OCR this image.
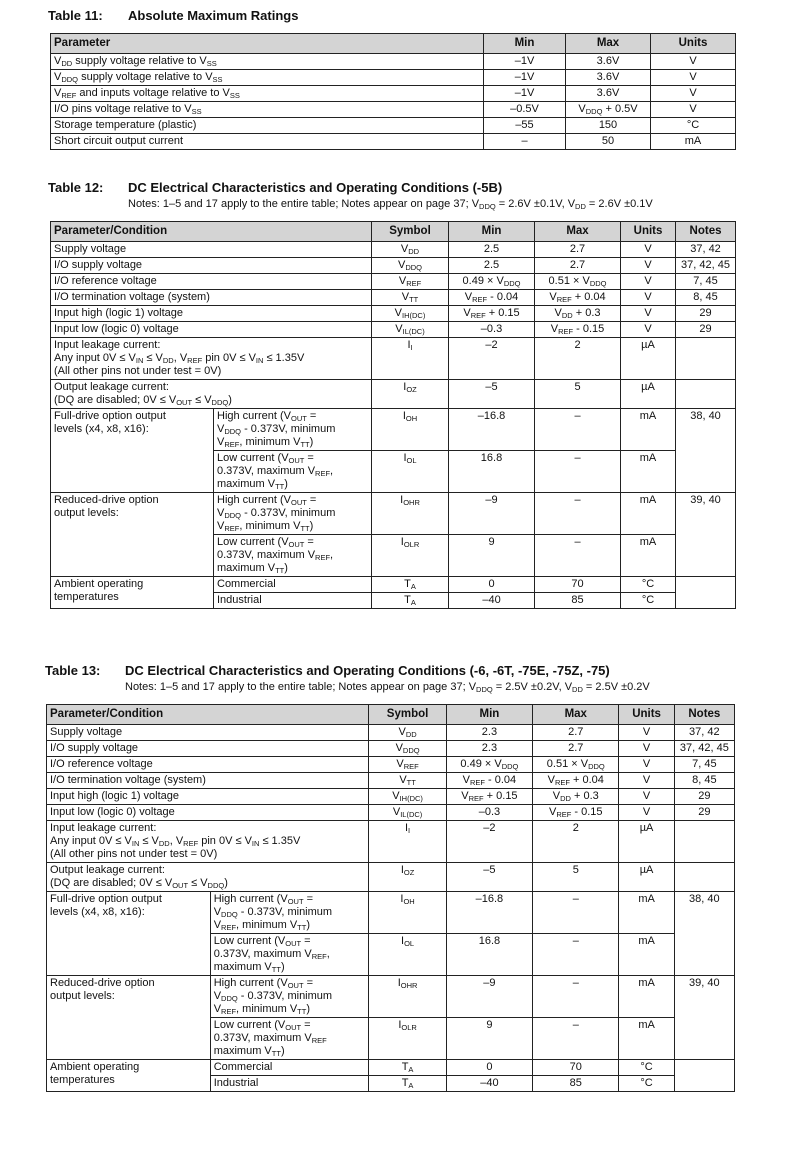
Table 11: Absolute Maximum Ratings
Parameter	Min	Max	Units
$V_{DD}$ supply voltage relative to $V_{SS}$	–1V	3.6V	V
$V_{DDQ}$ supply voltage relative to $V_{SS}$	–1V	3.6V	V
$V_{REF}$ and inputs voltage relative to $V_{SS}$	–1V	3.6V	V
I/O pins voltage relative to $V_{SS}$	–0.5V	$V_{DDQ} + 0.5V$	V
Storage temperature (plastic)	–55	150	°C
Short circuit output current	–	50	mA
Table 12: DC Electrical Characteristics and Operating Conditions (-5B)
Notes: 1–5 and 17 apply to the entire table; Notes appear on page 37; $V_{DDQ} = 2.6V \pm 0.1V$, $V_{DD} = 2.6V \pm 0.1V$
Parameter/Condition		Symbol	Min	Max	Units	Notes
Supply voltage		$V_{DD}$	2.5	2.7	V	37, 42
I/O supply voltage		$V_{DDQ}$	2.5	2.7	V	37, 42, 45
I/O reference voltage		$V_{REF}$	$0.49 \times V_{DDQ}$	$0.51 \times V_{DDQ}$	V	7, 45
I/O termination voltage (system)		$V_{TT}$	$V_{REF} - 0.04$	$V_{REF} + 0.04$	V	8, 45
Input high (logic 1) voltage		$V_{IH(DC)}$	$V_{REF} + 0.15$	$V_{DD} + 0.3$	V	29
Input low (logic 0) voltage		$V_{IL(DC)}$	–0.3	$V_{REF} - 0.15$	V	29
Input leakage current:
Any input $0V \le V_{IN} \le V_{DD}$, $V_{REF}$ pin $0V \le V_{IN} \le 1.35V$
(All other pins not under test = 0V)		$I_I$	–2	2	µA	
Output leakage current:
(DQ are disabled; $0V \le V_{OUT} \le V_{DDQ}$)		$I_{OZ}$	–5	5	µA	
Full-drive option output
levels (x4, x8, x16):	High current ($V_{OUT}$ =
$V_{DDQ} - 0.373V$, minimum
$V_{REF}$, minimum $V_{TT}$)	$I_{OH}$	–16.8	–	mA	38, 40
	Low current ($V_{OUT}$ =
0.373V, maximum $V_{REF}$,
maximum $V_{TT}$)	$I_{OL}$	16.8	–	mA	
Reduced-drive option
output levels:	High current ($V_{OUT}$ =
$V_{DDQ} - 0.373V$, minimum
$V_{REF}$, minimum $V_{TT}$)	$I_{OHR}$	–9	–	mA	39, 40
	Low current ($V_{OUT}$ =
0.373V, maximum $V_{REF}$,
maximum $V_{TT}$)	$I_{OLR}$	9	–	mA	
Ambient operating
temperatures	Commercial	$T_A$	0	70	°C	
	Industrial	$T_A$	–40	85	°C	
Table 13: DC Electrical Characteristics and Operating Conditions (-6, -6T, -75E, -75Z, -75)
Notes: 1–5 and 17 apply to the entire table; Notes appear on page 37; $V_{DDQ} = 2.5V \pm 0.2V$, $V_{DD} = 2.5V \pm 0.2V$
Parameter/Condition		Symbol	Min	Max	Units	Notes
Supply voltage		$V_{DD}$	2.3	2.7	V	37, 42
I/O supply voltage		$V_{DDQ}$	2.3	2.7	V	37, 42, 45
I/O reference voltage		$V_{REF}$	$0.49 \times V_{DDQ}$	$0.51 \times V_{DDQ}$	V	7, 45
I/O termination voltage (system)		$V_{TT}$	$V_{REF} - 0.04$	$V_{REF} + 0.04$	V	8, 45
Input high (logic 1) voltage		$V_{IH(DC)}$	$V_{REF} + 0.15$	$V_{DD} + 0.3$	V	29
Input low (logic 0) voltage		$V_{IL(DC)}$	–0.3	$V_{REF} - 0.15$	V	29
Input leakage current:
Any input $0V \le V_{IN} \le V_{DD}$, $V_{REF}$ pin $0V \le V_{IN} \le 1.35V$
(All other pins not under test = 0V)		$I_I$	–2	2	µA	
Output leakage current:
(DQ are disabled; $0V \le V_{OUT} \le V_{DDQ}$)		$I_{OZ}$	–5	5	µA	
Full-drive option output
levels (x4, x8, x16):	High current ($V_{OUT}$ =
$V_{DDQ} - 0.373V$, minimum
$V_{REF}$, minimum $V_{TT}$)	$I_{OH}$	–16.8	–	mA	38, 40
	Low current ($V_{OUT}$ =
0.373V, maximum $V_{REF}$,
maximum $V_{TT}$)	$I_{OL}$	16.8	–	mA	
Reduced-drive option
output levels:	High current ($V_{OUT}$ =
$V_{DDQ} - 0.373V$, minimum
$V_{REF}$, minimum $V_{TT}$)	$I_{OHR}$	–9	–	mA	39, 40
	Low current ($V_{OUT}$ =
0.373V, maximum $V_{REF}$
maximum $V_{TT}$)	$I_{OLR}$	9	–	mA	
Ambient operating
temperatures	Commercial	$T_A$	0	70	°C	
	Industrial	$T_A$	–40	85	°C	
